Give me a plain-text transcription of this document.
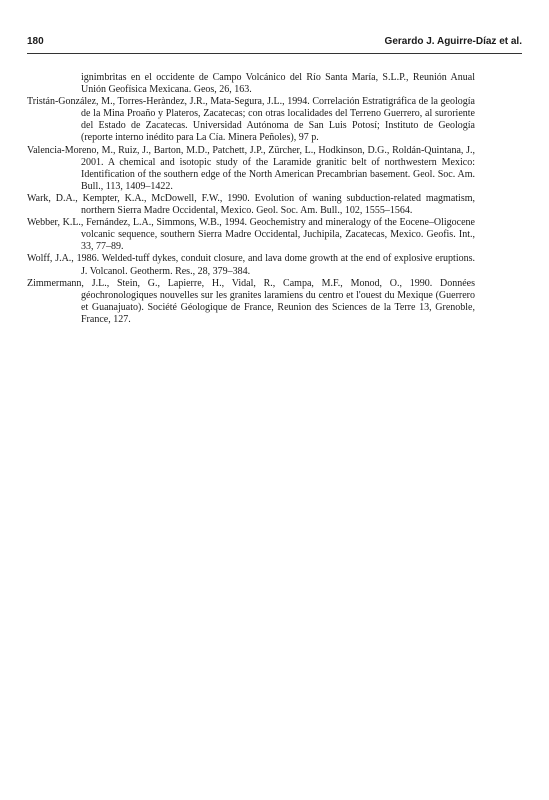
180	Gerardo J. Aguirre-Díaz et al.
ignimbritas en el occidente de Campo Volcánico del Río Santa María, S.L.P., Reunión Anual Unión Geofísica Mexicana. Geos, 26, 163.
Tristán-González, M., Torres-Heràndez, J.R., Mata-Segura, J.L., 1994. Correlación Estratigráfica de la geología de la Mina Proaño y Plateros, Zacatecas; con otras localidades del Terreno Guerrero, al suroriente del Estado de Zacatecas. Universidad Autónoma de San Luis Potosí; Instituto de Geología (reporte interno inédito para La Cía. Minera Peñoles), 97 p.
Valencia-Moreno, M., Ruiz, J., Barton, M.D., Patchett, J.P., Zürcher, L., Hodkinson, D.G., Roldán-Quintana, J., 2001. A chemical and isotopic study of the Laramide granitic belt of northwestern Mexico: Identification of the southern edge of the North American Precambrian basement. Geol. Soc. Am. Bull., 113, 1409–1422.
Wark, D.A., Kempter, K.A., McDowell, F.W., 1990. Evolution of waning subduction-related magmatism, northern Sierra Madre Occidental, Mexico. Geol. Soc. Am. Bull., 102, 1555–1564.
Webber, K.L., Fernández, L.A., Simmons, W.B., 1994. Geochemistry and mineralogy of the Eocene–Oligocene volcanic sequence, southern Sierra Madre Occidental, Juchipila, Zacatecas, Mexico. Geofis. Int., 33, 77–89.
Wolff, J.A., 1986. Welded-tuff dykes, conduit closure, and lava dome growth at the end of explosive eruptions. J. Volcanol. Geotherm. Res., 28, 379–384.
Zimmermann, J.L., Stein, G., Lapierre, H., Vidal, R., Campa, M.F., Monod, O., 1990. Données géochronologiques nouvelles sur les granites laramiens du centro et l'ouest du Mexique (Guerrero et Guanajuato). Société Géologique de France, Reunion des Sciences de la Terre 13, Grenoble, France, 127.
